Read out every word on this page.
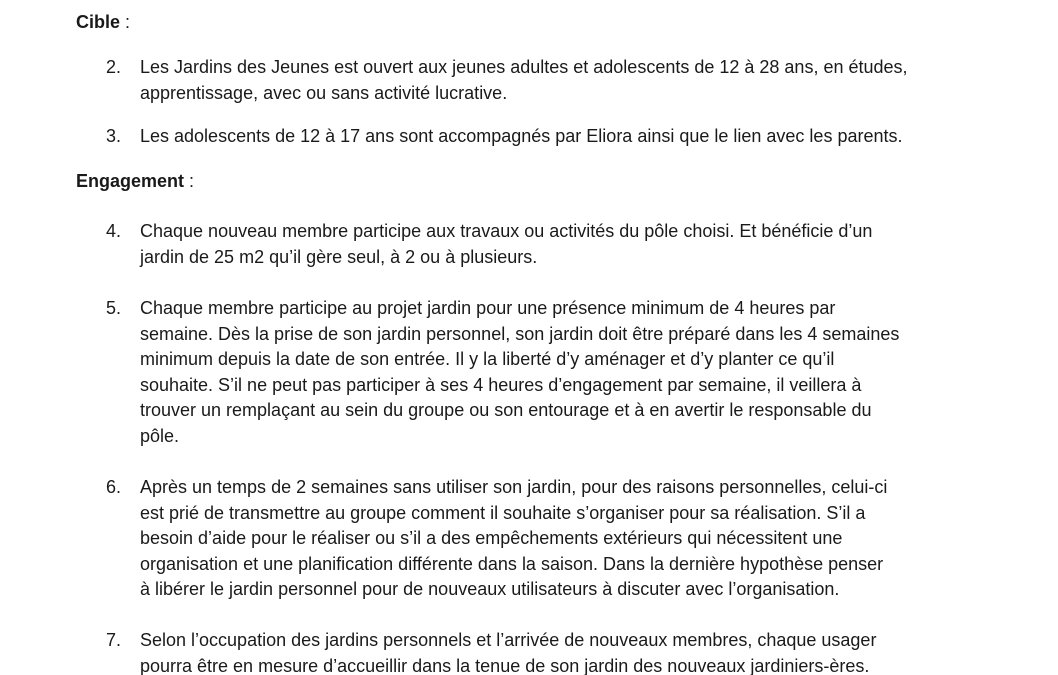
Cible :

2.	Les Jardins des Jeunes est ouvert aux jeunes adultes et adolescents de 12 à 28 ans, en études,
apprentissage, avec ou sans activité lucrative.
3.	Les adolescents de 12 à 17 ans sont accompagnés par Eliora ainsi que le lien avec les parents.

Engagement :

4.	Chaque nouveau membre participe aux travaux ou activités du pôle choisi. Et bénéficie d’un
jardin de 25 m2 qu’il gère seul, à 2 ou à plusieurs.
5.	Chaque membre participe au projet jardin pour une présence minimum de 4 heures par
semaine. Dès la prise de son jardin personnel, son jardin doit être préparé dans les 4 semaines
minimum depuis la date de son entrée. Il y la liberté d’y aménager et d’y planter ce qu’il
souhaite. S’il ne peut pas participer à ses 4 heures d’engagement par semaine, il veillera à
trouver un remplaçant au sein du groupe ou son entourage et à en avertir le responsable du
pôle.
6.	Après un temps de 2 semaines sans utiliser son jardin, pour des raisons personnelles, celui-ci
est prié de transmettre au groupe comment il souhaite s’organiser pour sa réalisation. S’il a
besoin d’aide pour le réaliser ou s’il a des empêchements extérieurs qui nécessitent une
organisation et une planification différente dans la saison. Dans la dernière hypothèse penser
à libérer le jardin personnel pour de nouveaux utilisateurs à discuter avec l’organisation.
7.	Selon l’occupation des jardins personnels et l’arrivée de nouveaux membres, chaque usager
pourra être en mesure d’accueillir dans la tenue de son jardin des nouveaux jardiniers-ères.
